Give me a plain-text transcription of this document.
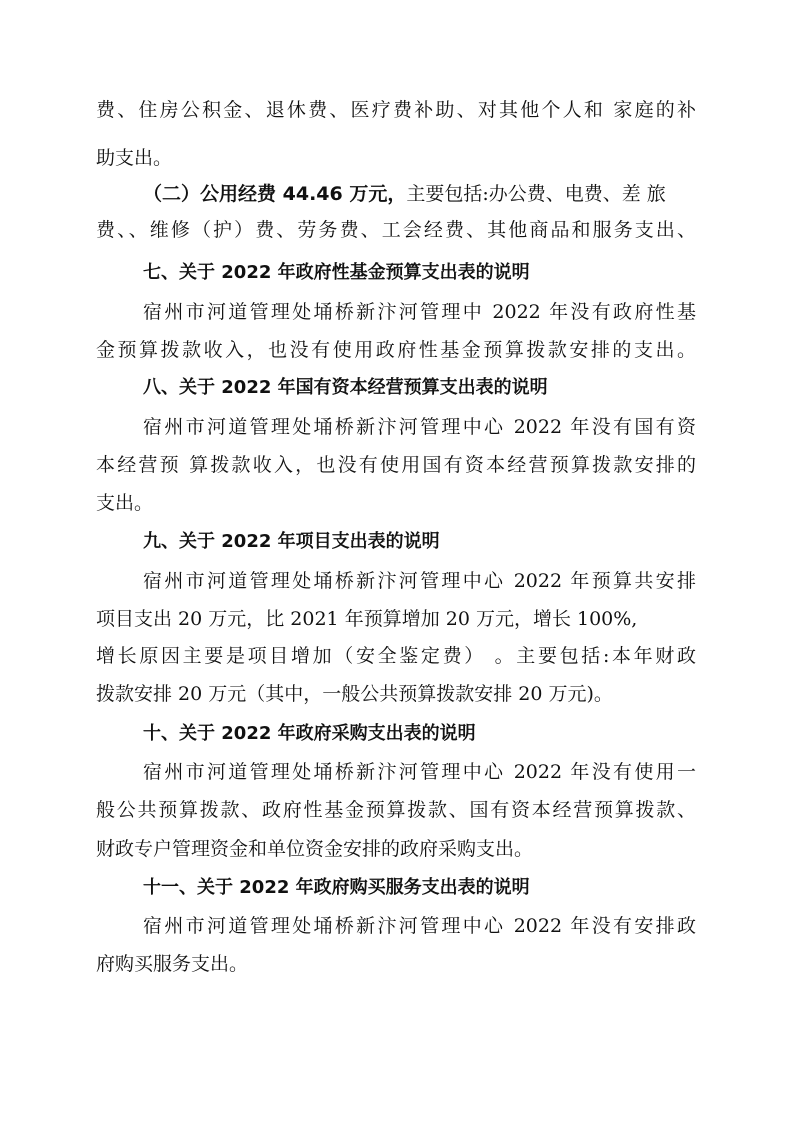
费、住房公积金、退休费、医疗费补助、对其他个人和 家庭的补
助支出。
（二）公用经费 44.46 万元，主要包括:办公费、电费、差 旅
费、、维修（护）费、劳务费、工会经费、其他商品和服务支出、
七、关于 2022 年政府性基金预算支出表的说明
宿州市河道管理处埇桥新汴河管理中 2022 年没有政府性基
金预算拨款收入，也没有使用政府性基金预算拨款安排的支出。
八、关于 2022 年国有资本经营预算支出表的说明
宿州市河道管理处埇桥新汴河管理中心 2022 年没有国有资
本经营预 算拨款收入，也没有使用国有资本经营预算拨款安排的
支出。
九、关于 2022 年项目支出表的说明
宿州市河道管理处埇桥新汴河管理中心 2022 年预算共安排
项目支出 20 万元，比 2021 年预算增加 20 万元，增长 100%,
增长原因主要是项目增加（安全鉴定费） 。主要包括:本年财政
拨款安排 20 万元（其中，一般公共预算拨款安排 20 万元)。
十、关于 2022 年政府采购支出表的说明
宿州市河道管理处埇桥新汴河管理中心 2022 年没有使用一
般公共预算拨款、政府性基金预算拨款、国有资本经营预算拨款、
财政专户管理资金和单位资金安排的政府采购支出。
十一、关于 2022 年政府购买服务支出表的说明
宿州市河道管理处埇桥新汴河管理中心 2022 年没有安排政
府购买服务支出。
